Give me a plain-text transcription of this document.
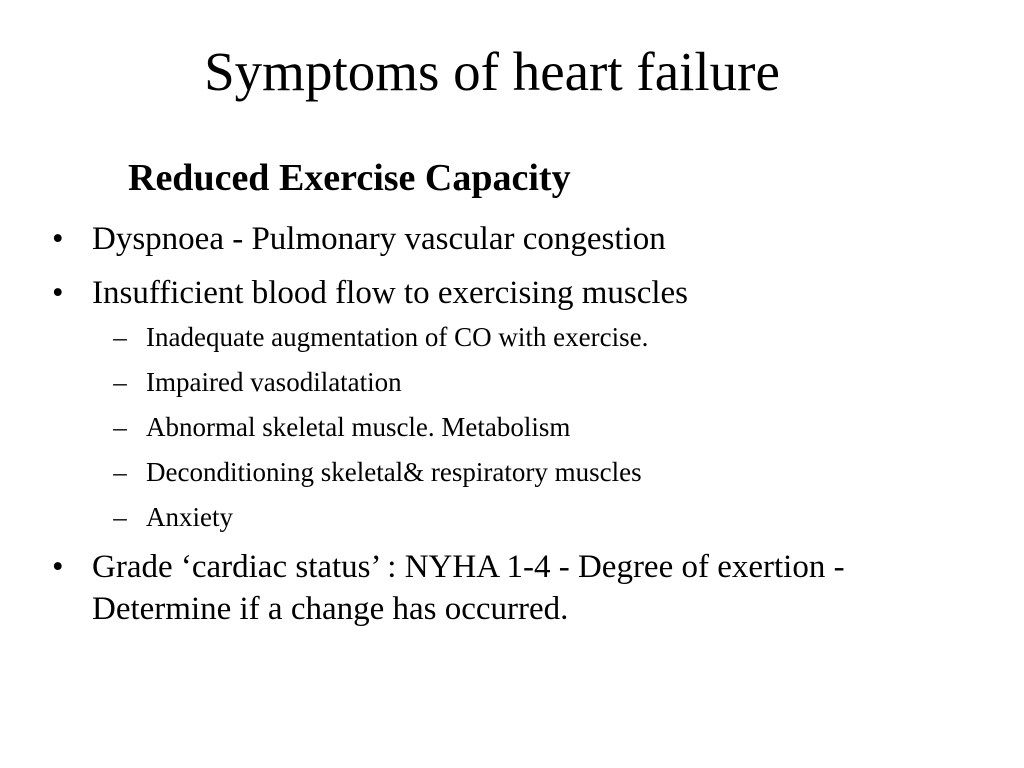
Symptoms of heart failure
Reduced Exercise Capacity
• Dyspnoea - Pulmonary vascular congestion
• Insufficient blood flow to exercising muscles
– Inadequate augmentation of CO with exercise.
– Impaired vasodilatation
– Abnormal skeletal muscle. Metabolism
– Deconditioning skeletal& respiratory muscles
– Anxiety
• Grade ‘cardiac status’ : NYHA 1-4 - Degree of exertion - Determine if a change has occurred.
